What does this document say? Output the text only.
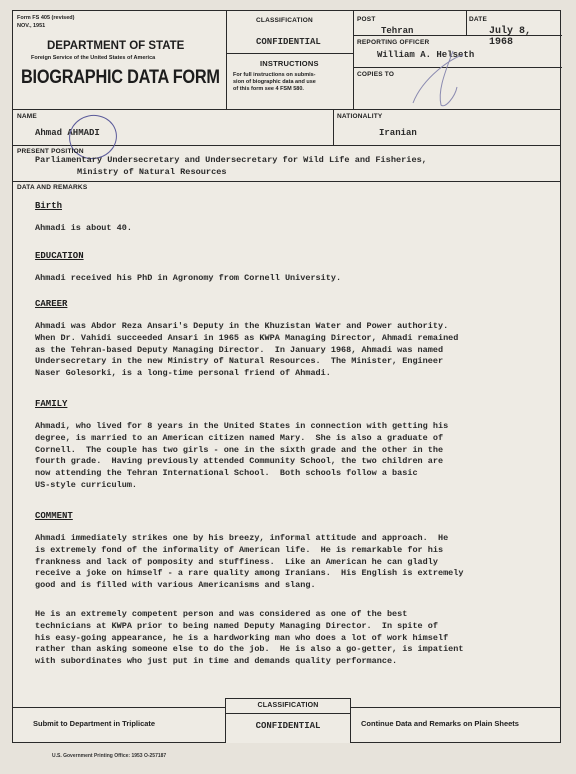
Form FS 405 (revised)
NOV., 1951
DEPARTMENT OF STATE
Foreign Service of the United States of America
BIOGRAPHIC DATA FORM
CLASSIFICATION
CONFIDENTIAL
INSTRUCTIONS
For full instructions on submis-
sion of biographic data and use
of this form see 4 FSM 580.
POST
Tehran
DATE
July 8, 1968
REPORTING OFFICER
William A. Helseth
COPIES TO
NAME
Ahmad AHMADI
NATIONALITY
Iranian
PRESENT POSITION
Parliamentary Undersecretary and Undersecretary for Wild Life and Fisheries,
Ministry of Natural Resources
DATA AND REMARKS
Birth
Ahmadi is about 40.
EDUCATION
Ahmadi received his PhD in Agronomy from Cornell University.
CAREER
Ahmadi was Abdor Reza Ansari's Deputy in the Khuzistan Water and Power authority.
When Dr. Vahidi succeeded Ansari in 1965 as KWPA Managing Director, Ahmadi remained
as the Tehran-based Deputy Managing Director.  In January 1968, Ahmadi was named
Undersecretary in the new Ministry of Natural Resources.  The Minister, Engineer
Naser Golesorki, is a long-time personal friend of Ahmadi.
FAMILY
Ahmadi, who lived for 8 years in the United States in connection with getting his
degree, is married to an American citizen named Mary.  She is also a graduate of
Cornell.  The couple has two girls - one in the sixth grade and the other in the
fourth grade.  Having previously attended Community School, the two children are
now attending the Tehran International School.  Both schools follow a basic
US-style curriculum.
COMMENT
Ahmadi immediately strikes one by his breezy, informal attitude and approach.  He
is extremely fond of the informality of American life.  He is remarkable for his
frankness and lack of pomposity and stuffiness.  Like an American he can gladly
receive a joke on himself - a rare quality among Iranians.  His English is extremely
good and is filled with various Americanisms and slang.
He is an extremely competent person and was considered as one of the best
technicians at KWPA prior to being named Deputy Managing Director.  In spite of
his easy-going appearance, he is a hardworking man who does a lot of work himself
rather than asking someone else to do the job.  He is also a go-getter, is impatient
with subordinates who just put in time and demands quality performance.
CLASSIFICATION
CONFIDENTIAL
Submit to Department in Triplicate	Continue Data and Remarks on Plain Sheets
U.S. Government Printing Office: 1953 O-257187
